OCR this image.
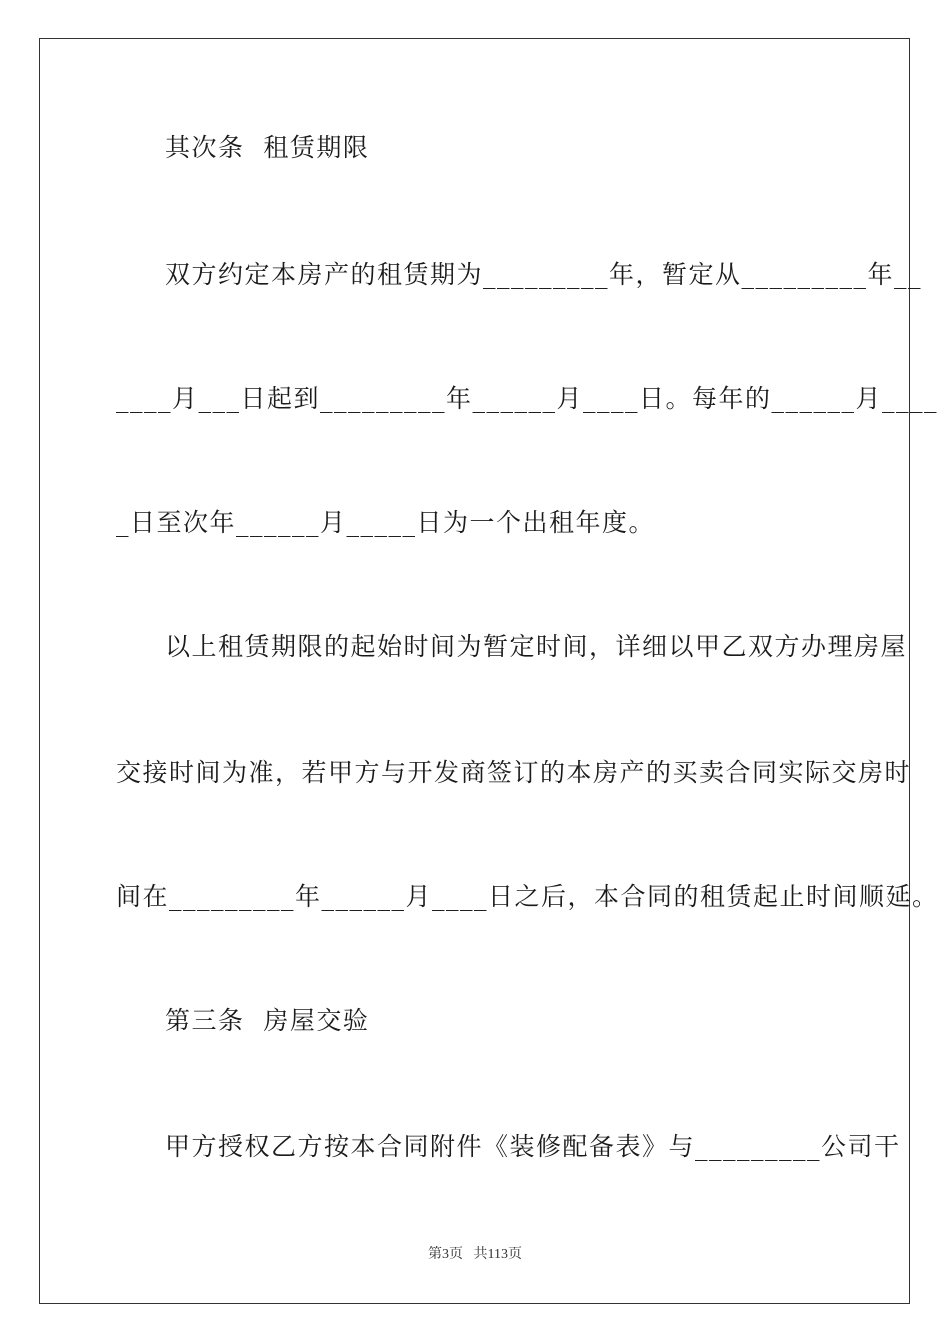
其次条  租赁期限
双方约定本房产的租赁期为_________年，暂定从_________年__
____月___日起到_________年______月____日。每年的______月____
_日至次年______月_____日为一个出租年度。
以上租赁期限的起始时间为暂定时间，详细以甲乙双方办理房屋
交接时间为准，若甲方与开发商签订的本房产的买卖合同实际交房时
间在_________年______月____日之后，本合同的租赁起止时间顺延。
第三条  房屋交验
甲方授权乙方按本合同附件《装修配备表》与_________公司干
第3页 共113页
